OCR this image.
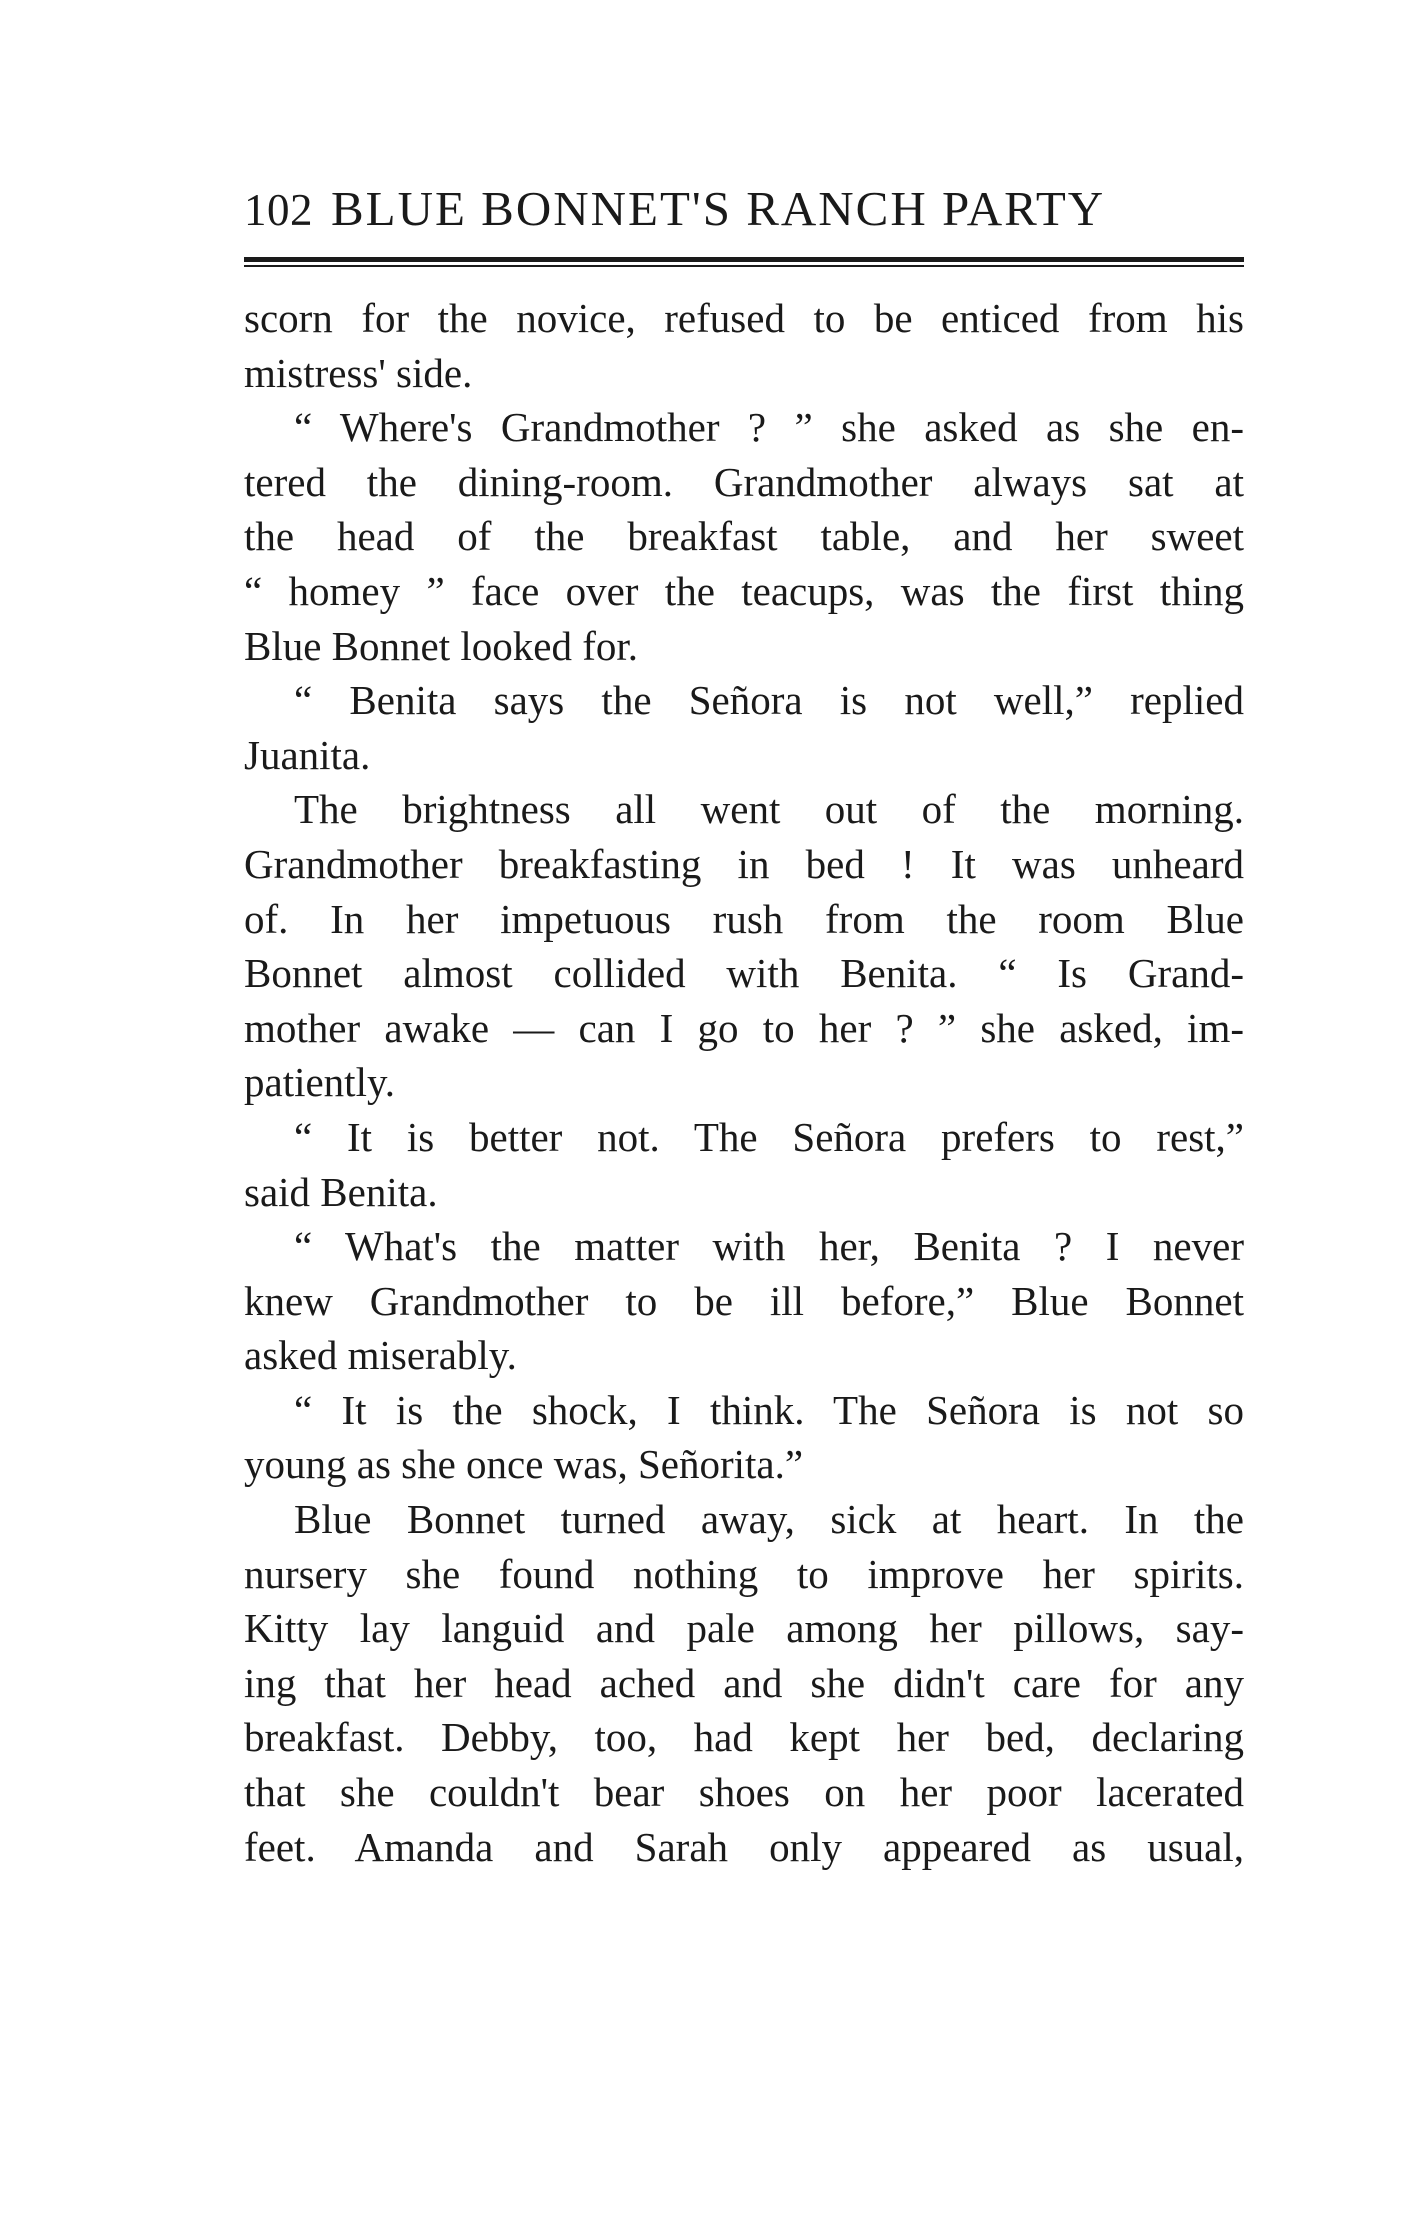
102 BLUE BONNET'S RANCH PARTY
scorn for the novice, refused to be enticed from his
mistress' side.
“ Where's Grandmother ? ” she asked as she en-
tered the dining-room. Grandmother always sat at
the head of the breakfast table, and her sweet
“ homey ” face over the teacups, was the first thing
Blue Bonnet looked for.
“ Benita says the Señora is not well,” replied
Juanita.
The brightness all went out of the morning.
Grandmother breakfasting in bed ! It was unheard
of. In her impetuous rush from the room Blue
Bonnet almost collided with Benita. “ Is Grand-
mother awake — can I go to her ? ” she asked, im-
patiently.
“ It is better not. The Señora prefers to rest,”
said Benita.
“ What's the matter with her, Benita ? I never
knew Grandmother to be ill before,” Blue Bonnet
asked miserably.
“ It is the shock, I think. The Señora is not so
young as she once was, Señorita.”
Blue Bonnet turned away, sick at heart. In the
nursery she found nothing to improve her spirits.
Kitty lay languid and pale among her pillows, say-
ing that her head ached and she didn't care for any
breakfast. Debby, too, had kept her bed, declaring
that she couldn't bear shoes on her poor lacerated
feet. Amanda and Sarah only appeared as usual,
